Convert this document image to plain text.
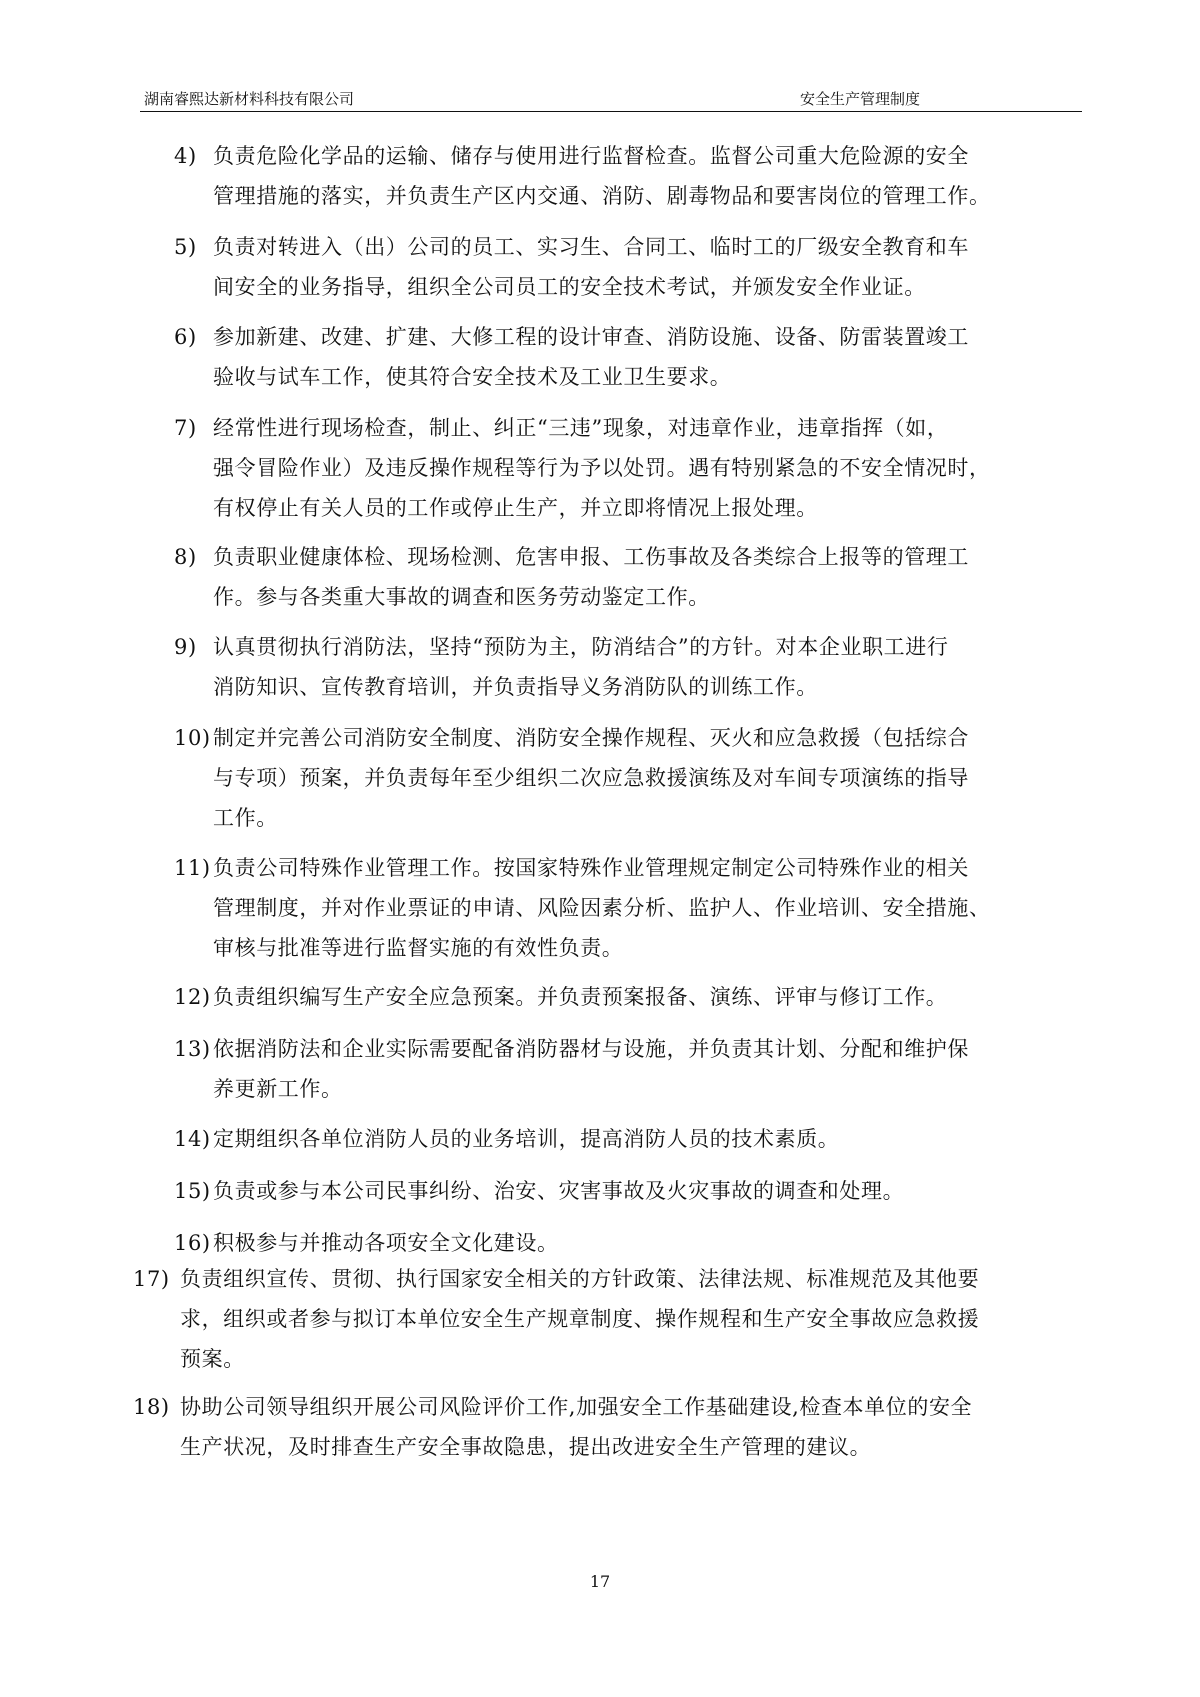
湖南睿熙达新材料科技有限公司	安全生产管理制度
4) 负责危险化学品的运输、储存与使用进行监督检查。监督公司重大危险源的安全
管理措施的落实，并负责生产区内交通、消防、剧毒物品和要害岗位的管理工作。
5) 负责对转进入（出）公司的员工、实习生、合同工、临时工的厂级安全教育和车
间安全的业务指导，组织全公司员工的安全技术考试，并颁发安全作业证。
6) 参加新建、改建、扩建、大修工程的设计审查、消防设施、设备、防雷装置竣工
验收与试车工作，使其符合安全技术及工业卫生要求。
7) 经常性进行现场检查，制止、纠正“三违”现象，对违章作业，违章指挥（如，
强令冒险作业）及违反操作规程等行为予以处罚。遇有特别紧急的不安全情况时，
有权停止有关人员的工作或停止生产，并立即将情况上报处理。
8) 负责职业健康体检、现场检测、危害申报、工伤事故及各类综合上报等的管理工
作。参与各类重大事故的调查和医务劳动鉴定工作。
9) 认真贯彻执行消防法，坚持“预防为主，防消结合”的方针。对本企业职工进行
消防知识、宣传教育培训，并负责指导义务消防队的训练工作。
10) 制定并完善公司消防安全制度、消防安全操作规程、灭火和应急救援（包括综合
与专项）预案，并负责每年至少组织二次应急救援演练及对车间专项演练的指导
工作。
11) 负责公司特殊作业管理工作。按国家特殊作业管理规定制定公司特殊作业的相关
管理制度，并对作业票证的申请、风险因素分析、监护人、作业培训、安全措施、
审核与批准等进行监督实施的有效性负责。
12) 负责组织编写生产安全应急预案。并负责预案报备、演练、评审与修订工作。
13) 依据消防法和企业实际需要配备消防器材与设施，并负责其计划、分配和维护保
养更新工作。
14) 定期组织各单位消防人员的业务培训，提高消防人员的技术素质。
15) 负责或参与本公司民事纠纷、治安、灾害事故及火灾事故的调查和处理。
16) 积极参与并推动各项安全文化建设。
17) 负责组织宣传、贯彻、执行国家安全相关的方针政策、法律法规、标准规范及其他要
求，组织或者参与拟订本单位安全生产规章制度、操作规程和生产安全事故应急救援
预案。
18) 协助公司领导组织开展公司风险评价工作,加强安全工作基础建设,检查本单位的安全
生产状况，及时排查生产安全事故隐患，提出改进安全生产管理的建议。
17
